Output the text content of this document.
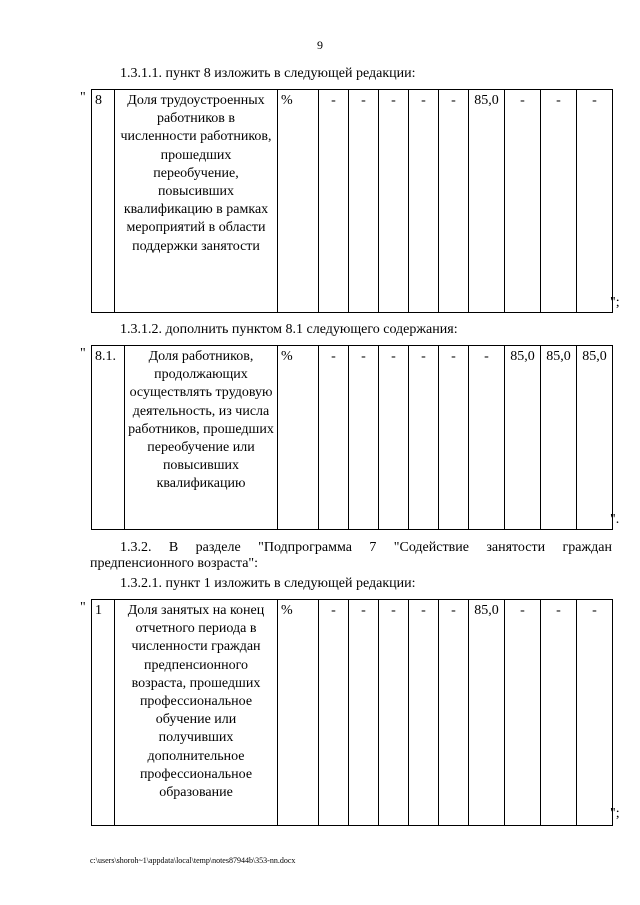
9
1.3.1.1. пункт 8 изложить в следующей редакции:
" 8	Доля трудоустроенных работников в численности работников, прошедших переобучение, повысивших квалификацию в рамках мероприятий в области поддержки занятости	%	-	-	-	-	-	85,0	-	-	-
";
1.3.1.2. дополнить пунктом 8.1 следующего содержания:
" 8.1.	Доля работников, продолжающих осуществлять трудовую деятельность, из числа работников, прошедших переобучение или повысивших квалификацию	%	-	-	-	-	-	-	85,0	85,0	85,0
".
1.3.2. В разделе "Подпрограмма 7 "Содействие занятости граждан
предпенсионного возраста":
1.3.2.1. пункт 1 изложить в следующей редакции:
" 1	Доля занятых на конец отчетного периода в численности граждан предпенсионного возраста, прошедших профессиональное обучение или получивших дополнительное профессиональное образование	%	-	-	-	-	-	85,0	-	-	-
";
c:\users\shoroh~1\appdata\local\temp\notes87944b\353-nn.docx
